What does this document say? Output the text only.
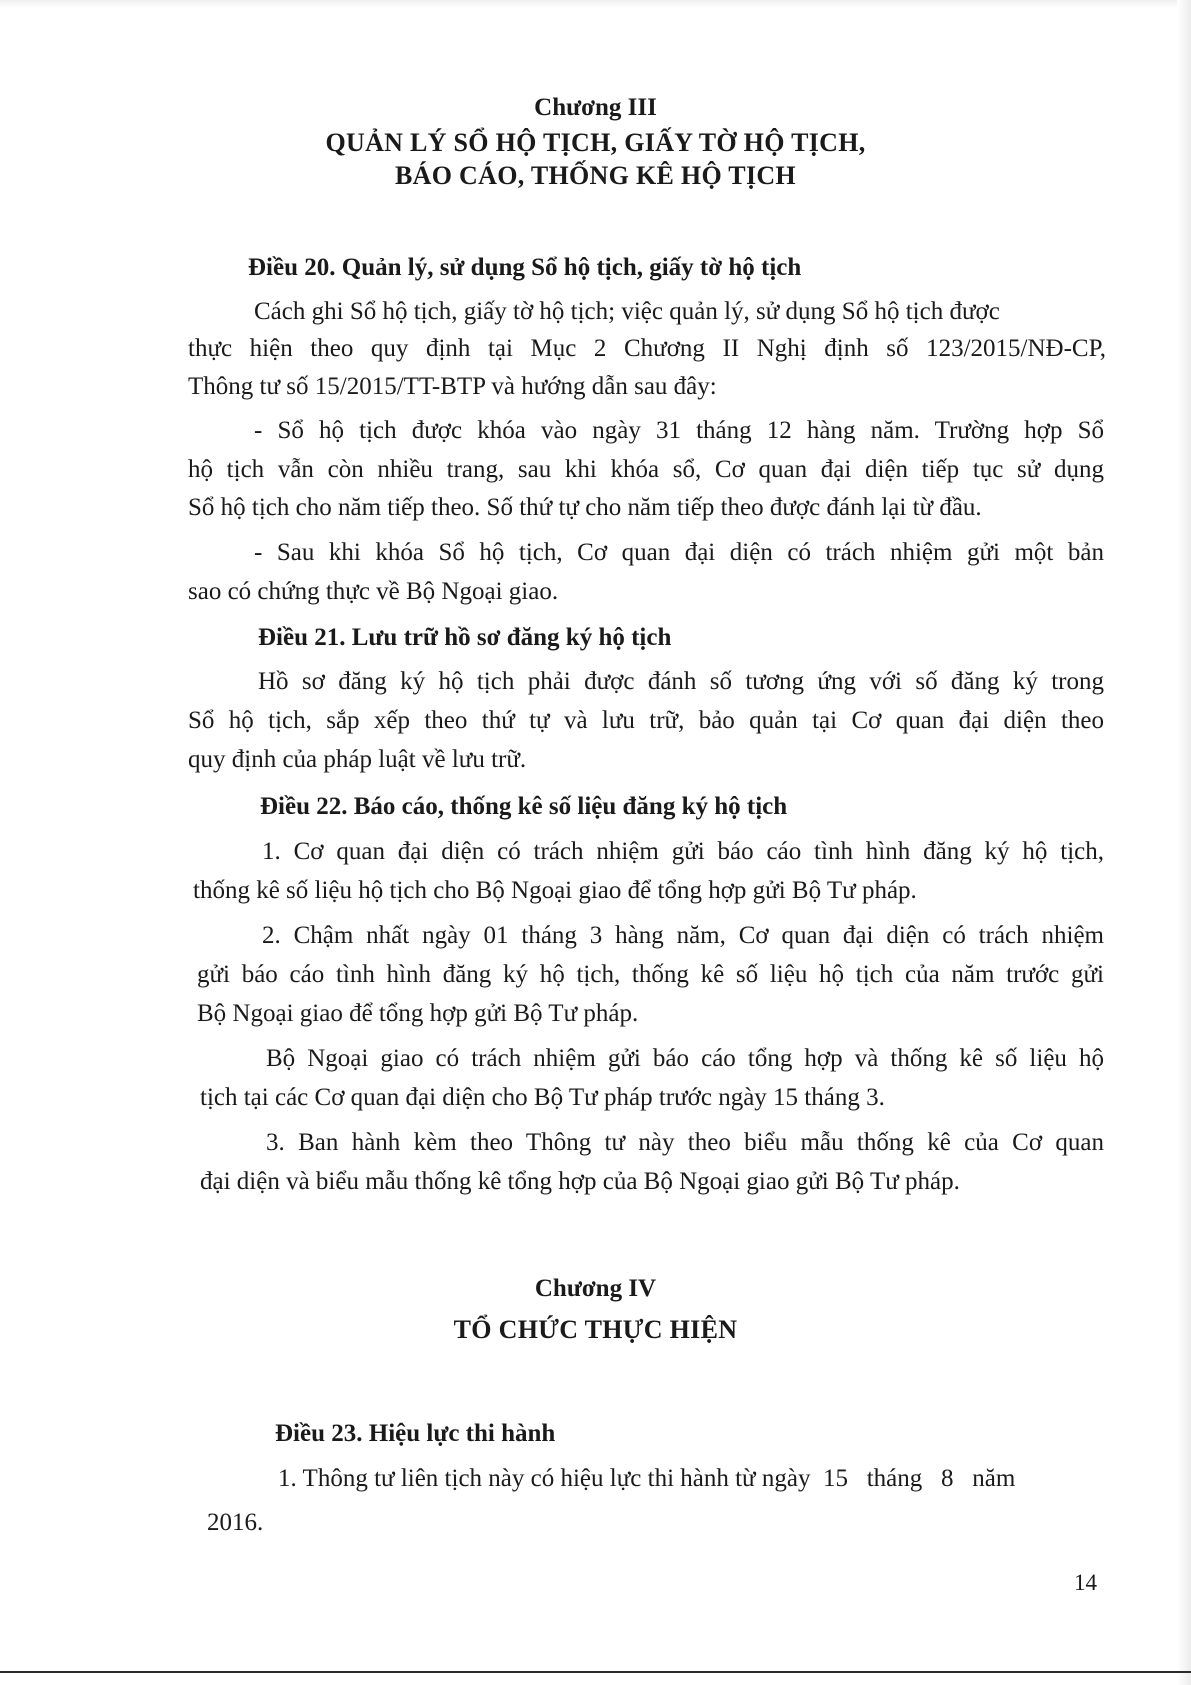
Chương III
QUẢN LÝ SỔ HỘ TỊCH, GIẤY TỜ HỘ TỊCH,
BÁO CÁO, THỐNG KÊ HỘ TỊCH
Điều 20. Quản lý, sử dụng Sổ hộ tịch, giấy tờ hộ tịch
Cách ghi Sổ hộ tịch, giấy tờ hộ tịch; việc quản lý, sử dụng Sổ hộ tịch được
thực hiện theo quy định tại Mục 2 Chương II Nghị định số 123/2015/NĐ-CP,
Thông tư số 15/2015/TT-BTP và hướng dẫn sau đây:
- Sổ hộ tịch được khóa vào ngày 31 tháng 12 hàng năm. Trường hợp Sổ
hộ tịch vẫn còn nhiều trang, sau khi khóa sổ, Cơ quan đại diện tiếp tục sử dụng
Sổ hộ tịch cho năm tiếp theo. Số thứ tự cho năm tiếp theo được đánh lại từ đầu.
- Sau khi khóa Sổ hộ tịch, Cơ quan đại diện có trách nhiệm gửi một bản
sao có chứng thực về Bộ Ngoại giao.
Điều 21. Lưu trữ hồ sơ đăng ký hộ tịch
Hồ sơ đăng ký hộ tịch phải được đánh số tương ứng với số đăng ký trong
Sổ hộ tịch, sắp xếp theo thứ tự và lưu trữ, bảo quản tại Cơ quan đại diện theo
quy định của pháp luật về lưu trữ.
Điều 22. Báo cáo, thống kê số liệu đăng ký hộ tịch
1. Cơ quan đại diện có trách nhiệm gửi báo cáo tình hình đăng ký hộ tịch,
thống kê số liệu hộ tịch cho Bộ Ngoại giao để tổng hợp gửi Bộ Tư pháp.
2. Chậm nhất ngày 01 tháng 3 hàng năm, Cơ quan đại diện có trách nhiệm
gửi báo cáo tình hình đăng ký hộ tịch, thống kê số liệu hộ tịch của năm trước gửi
Bộ Ngoại giao để tổng hợp gửi Bộ Tư pháp.
Bộ Ngoại giao có trách nhiệm gửi báo cáo tổng hợp và thống kê số liệu hộ
tịch tại các Cơ quan đại diện cho Bộ Tư pháp trước ngày 15 tháng 3.
3. Ban hành kèm theo Thông tư này theo biểu mẫu thống kê của Cơ quan
đại diện và biểu mẫu thống kê tổng hợp của Bộ Ngoại giao gửi Bộ Tư pháp.
Chương IV
TỔ CHỨC THỰC HIỆN
Điều 23. Hiệu lực thi hành
1. Thông tư liên tịch này có hiệu lực thi hành từ ngày  15   tháng   8   năm
2016.
14
